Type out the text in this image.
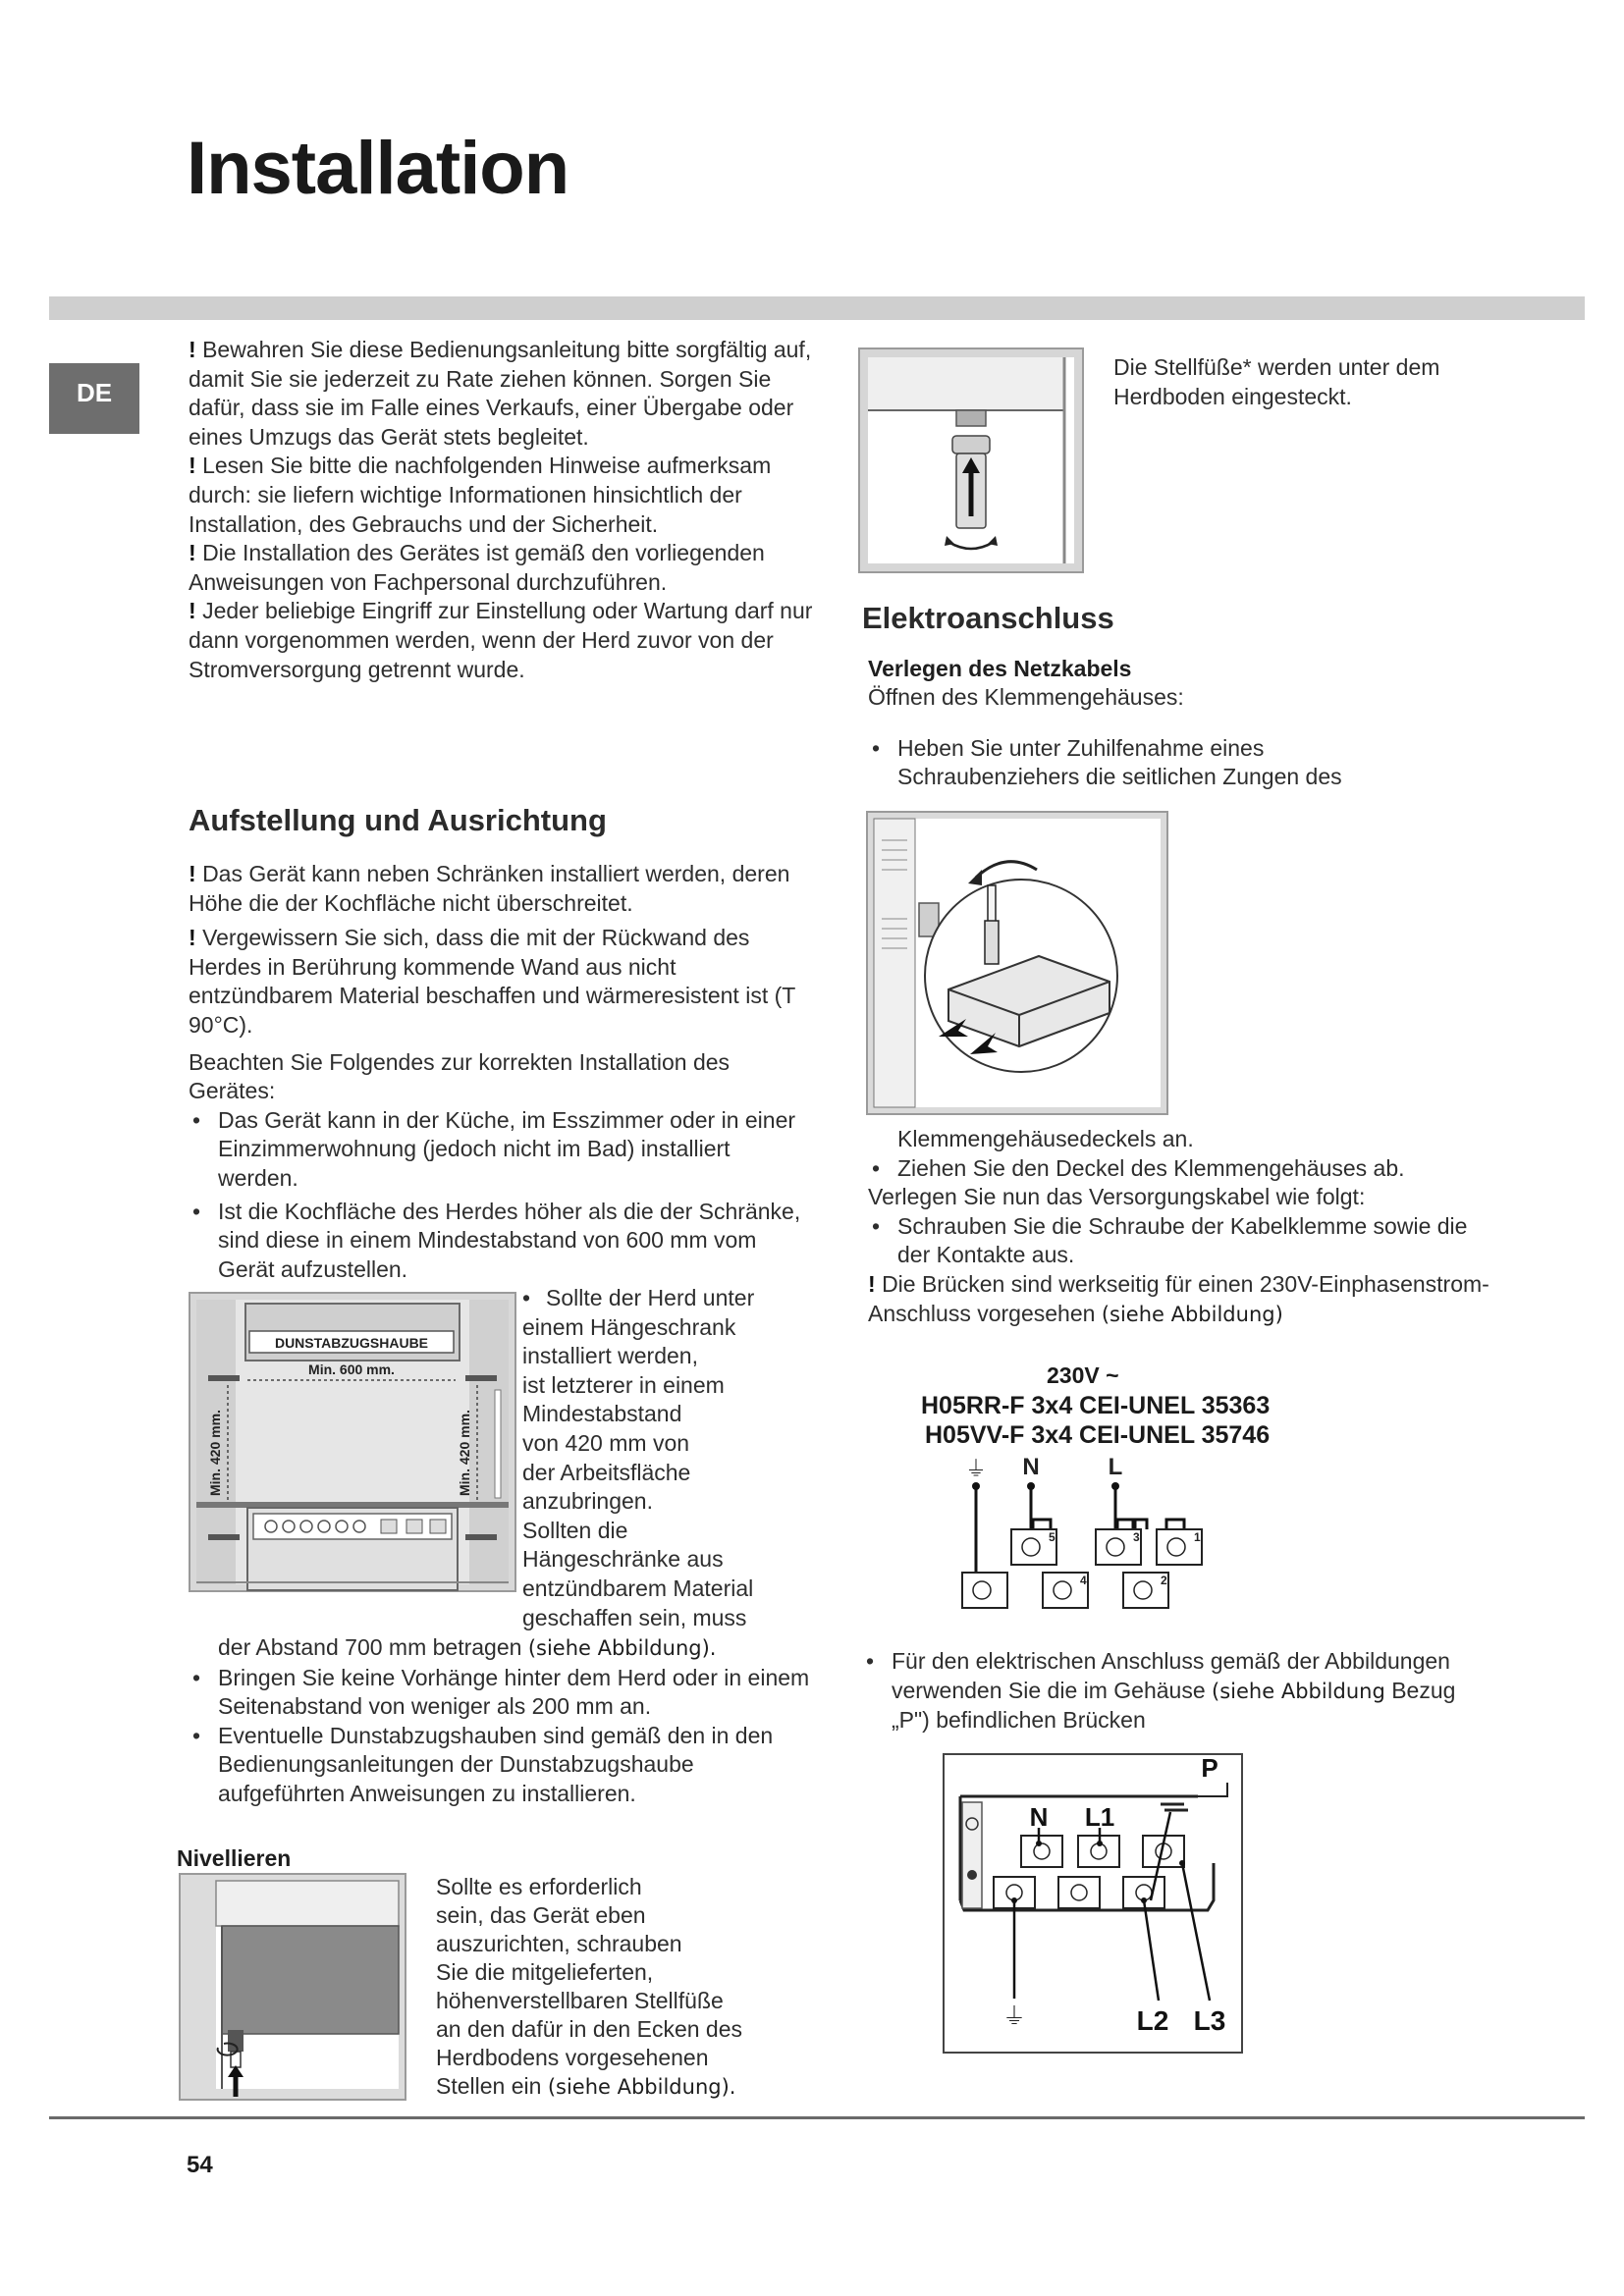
Installation
DE

! Bewahren Sie diese Bedienungsanleitung bitte sorgfältig auf, damit Sie sie jederzeit zu Rate ziehen können. Sorgen Sie dafür, dass sie im Falle eines Verkaufs, einer Übergabe oder eines Umzugs das Gerät stets begleitet.

! Lesen Sie bitte die nachfolgenden Hinweise aufmerksam durch: sie liefern wichtige Informationen hinsichtlich der Installation, des Gebrauchs und der Sicherheit.

! Die Installation des Gerätes ist gemäß den vorliegenden Anweisungen von Fachpersonal durchzuführen.

! Jeder beliebige Eingriff zur Einstellung oder Wartung darf nur dann vorgenommen werden, wenn der Herd zuvor von der Stromversorgung getrennt wurde.

Aufstellung und Ausrichtung

! Das Gerät kann neben Schränken installiert werden, deren Höhe die der Kochfläche nicht überschreitet.

! Vergewissern Sie sich, dass die mit der Rückwand des Herdes in Berührung kommende Wand aus nicht entzündbarem Material beschaffen und wärmeresistent ist (T 90°C).

Beachten Sie Folgendes zur korrekten Installation des Gerätes:

• Das Gerät kann in der Küche, im Esszimmer oder in einer Einzimmerwohnung (jedoch nicht im Bad) installiert werden.
• Ist die Kochfläche des Herdes höher als die der Schränke, sind diese in einem Mindestabstand von 600 mm vom Gerät aufzustellen.
DUNSTABZUGSHAUBE
Min. 600 mm.
Min. 420 mm.	Min. 420 mm.
• Sollte der Herd unter
einem Hängeschrank
installiert werden,
ist letzterer in einem
Mindestabstand
von 420 mm von
der Arbeitsfläche
anzubringen.
Sollten die
Hängeschränke aus
entzündbarem Material
geschaffen sein, muss
der Abstand 700 mm betragen (siehe Abbildung).
• Bringen Sie keine Vorhänge hinter dem Herd oder in einem Seitenabstand von weniger als 200 mm an.
• Eventuelle Dunstabzugshauben sind gemäß den in den Bedienungsanleitungen der Dunstabzugshaube aufgeführten Anweisungen zu installieren.
Nivellieren
Sollte es erforderlich
sein, das Gerät eben
auszurichten, schrauben
Sie die mitgelieferten,
höhenverstellbaren Stellfüße
an den dafür in den Ecken des
Herdbodens vorgesehenen
Stellen ein (siehe Abbildung).
Die Stellfüße* werden unter dem Herdboden eingesteckt.
Elektroanschluss
Verlegen des Netzkabels

Öffnen des Klemmengehäuses:

• Heben Sie unter Zuhilfenahme eines Schraubenziehers die seitlichen Zungen des
Klemmengehäusedeckels an.
• Ziehen Sie den Deckel des Klemmengehäuses ab.

Verlegen Sie nun das Versorgungskabel wie folgt:

• Schrauben Sie die Schraube der Kabelklemme sowie die der Kontakte aus.

! Die Brücken sind werkseitig für einen 230V-Einphasenstrom-Anschluss vorgesehen (siehe Abbildung)

230V ~
H05RR-F 3x4 CEI-UNEL 35363
H05VV-F 3x4 CEI-UNEL 35746
⏚ N	L
5	3	1
4	2
• Für den elektrischen Anschluss gemäß der Abbildungen verwenden Sie die im Gehäuse (siehe Abbildung Bezug „P") befindlichen Brücken
P
N L1
⏚	L2 L3
54
